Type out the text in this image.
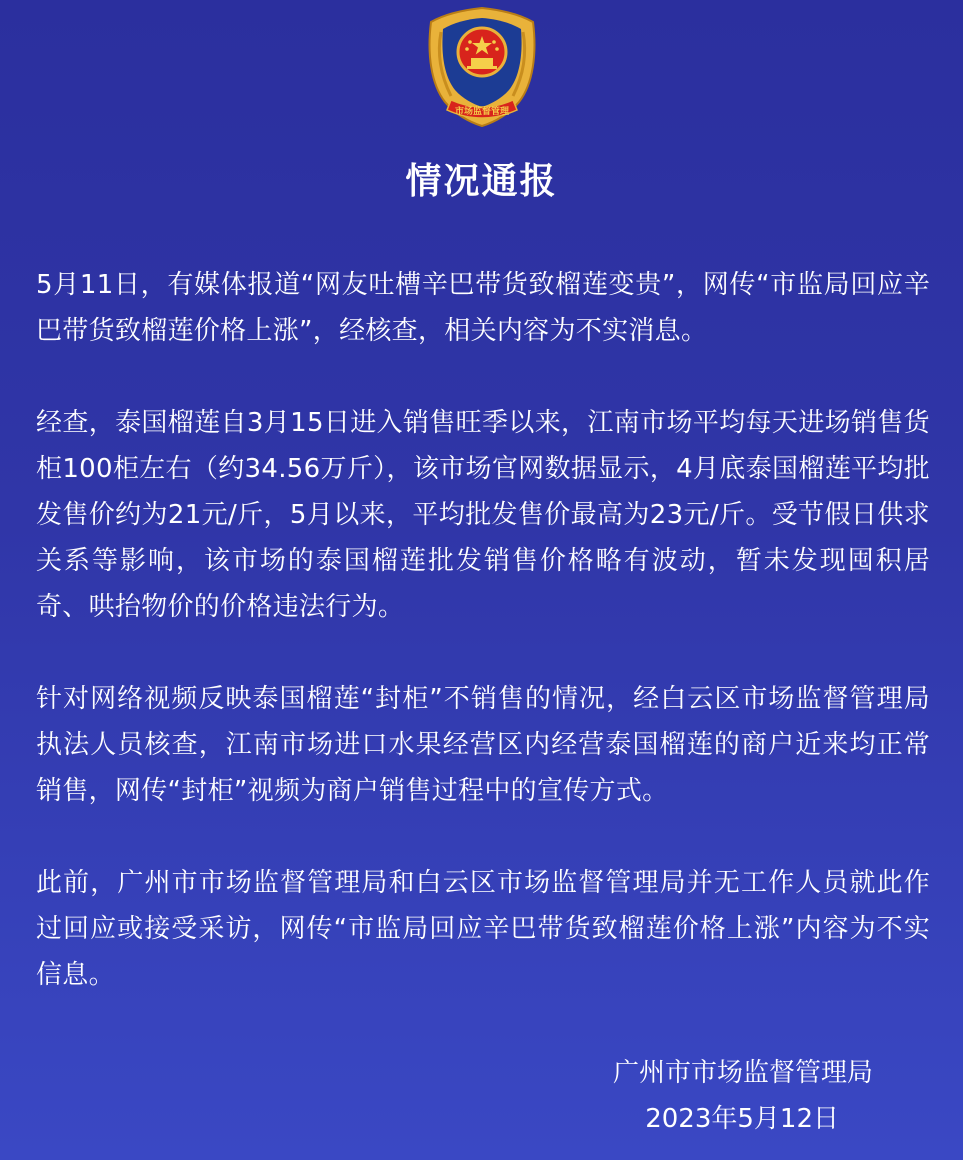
市场监督管理
情况通报

5月11日，有媒体报道“网友吐槽辛巴带货致榴莲变贵”，网传“市监局回应辛巴带货致榴莲价格上涨”，经核查，相关内容为不实消息。

经查，泰国榴莲自3月15日进入销售旺季以来，江南市场平均每天进场销售货柜100柜左右（约34.56万斤），该市场官网数据显示，4月底泰国榴莲平均批发售价约为21元/斤，5月以来，平均批发售价最高为23元/斤。受节假日供求关系等影响，该市场的泰国榴莲批发销售价格略有波动，暂未发现囤积居奇、哄抬物价的价格违法行为。

针对网络视频反映泰国榴莲“封柜”不销售的情况，经白云区市场监督管理局执法人员核查，江南市场进口水果经营区内经营泰国榴莲的商户近来均正常销售，网传“封柜”视频为商户销售过程中的宣传方式。

此前，广州市市场监督管理局和白云区市场监督管理局并无工作人员就此作过回应或接受采访，网传“市监局回应辛巴带货致榴莲价格上涨”内容为不实信息。

广州市市场监督管理局
2023年5月12日
